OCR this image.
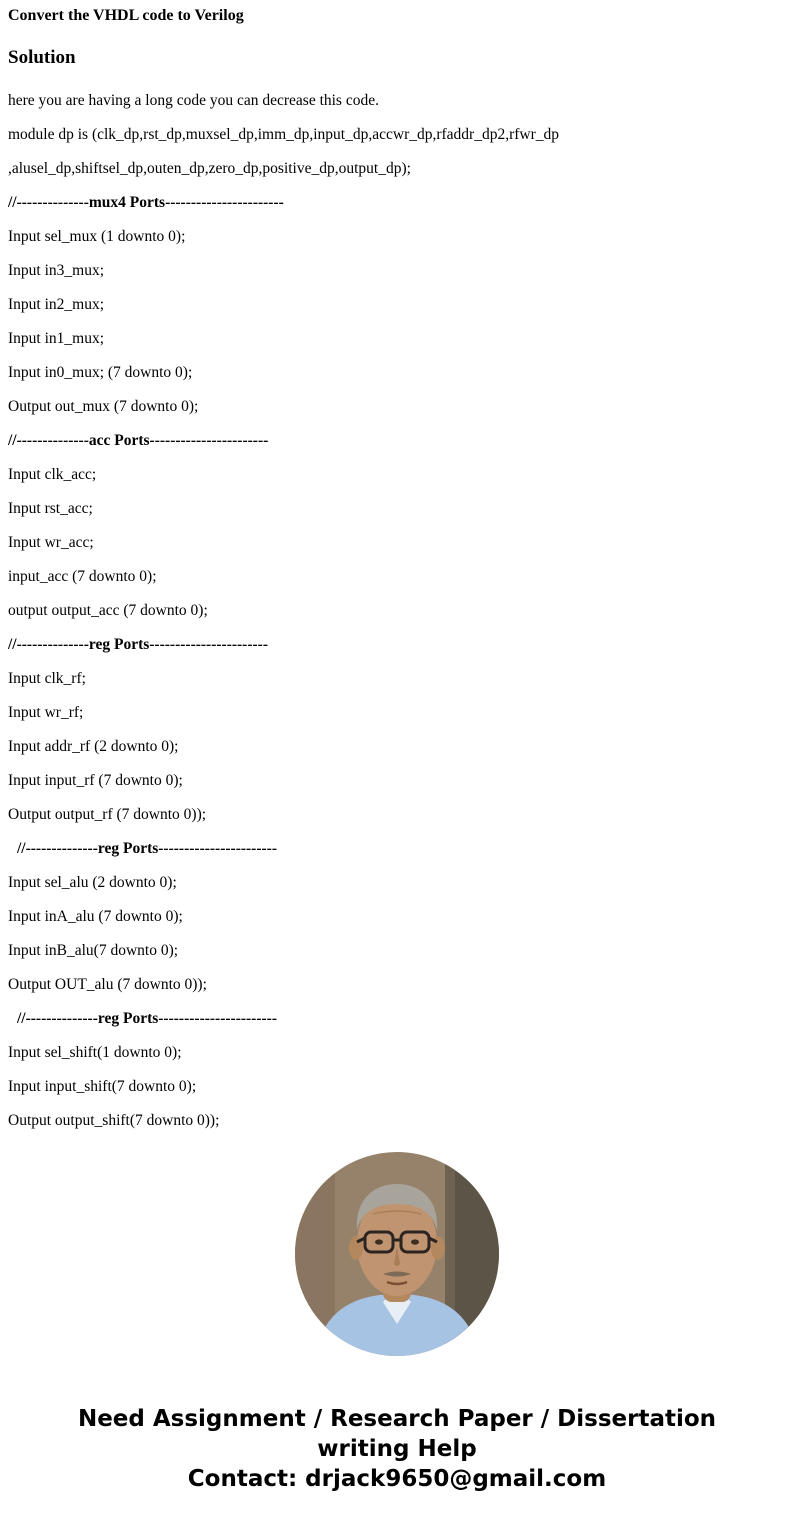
Convert the VHDL code to Verilog
Solution
here you are having a long code you can decrease this code.
module dp is (clk_dp,rst_dp,muxsel_dp,imm_dp,input_dp,accwr_dp,rfaddr_dp2,rfwr_dp
,alusel_dp,shiftsel_dp,outen_dp,zero_dp,positive_dp,output_dp);
//--------------mux4 Ports-----------------------
Input sel_mux (1 downto 0);
Input in3_mux;
Input in2_mux;
Input in1_mux;
Input in0_mux; (7 downto 0);
Output out_mux (7 downto 0);
//--------------acc Ports-----------------------
Input clk_acc;
Input rst_acc;
Input wr_acc;
input_acc (7 downto 0);
output output_acc (7 downto 0);
//--------------reg Ports-----------------------
Input clk_rf;
Input wr_rf;
Input addr_rf (2 downto 0);
Input input_rf (7 downto 0);
Output output_rf (7 downto 0));
//--------------reg Ports-----------------------
Input sel_alu (2 downto 0);
Input inA_alu (7 downto 0);
Input inB_alu(7 downto 0);
Output OUT_alu (7 downto 0));
//--------------reg Ports-----------------------
Input sel_shift(1 downto 0);
Input input_shift(7 downto 0);
Output output_shift(7 downto 0));
Need Assignment / Research Paper / Dissertation
writing Help
Contact: drjack9650@gmail.com
